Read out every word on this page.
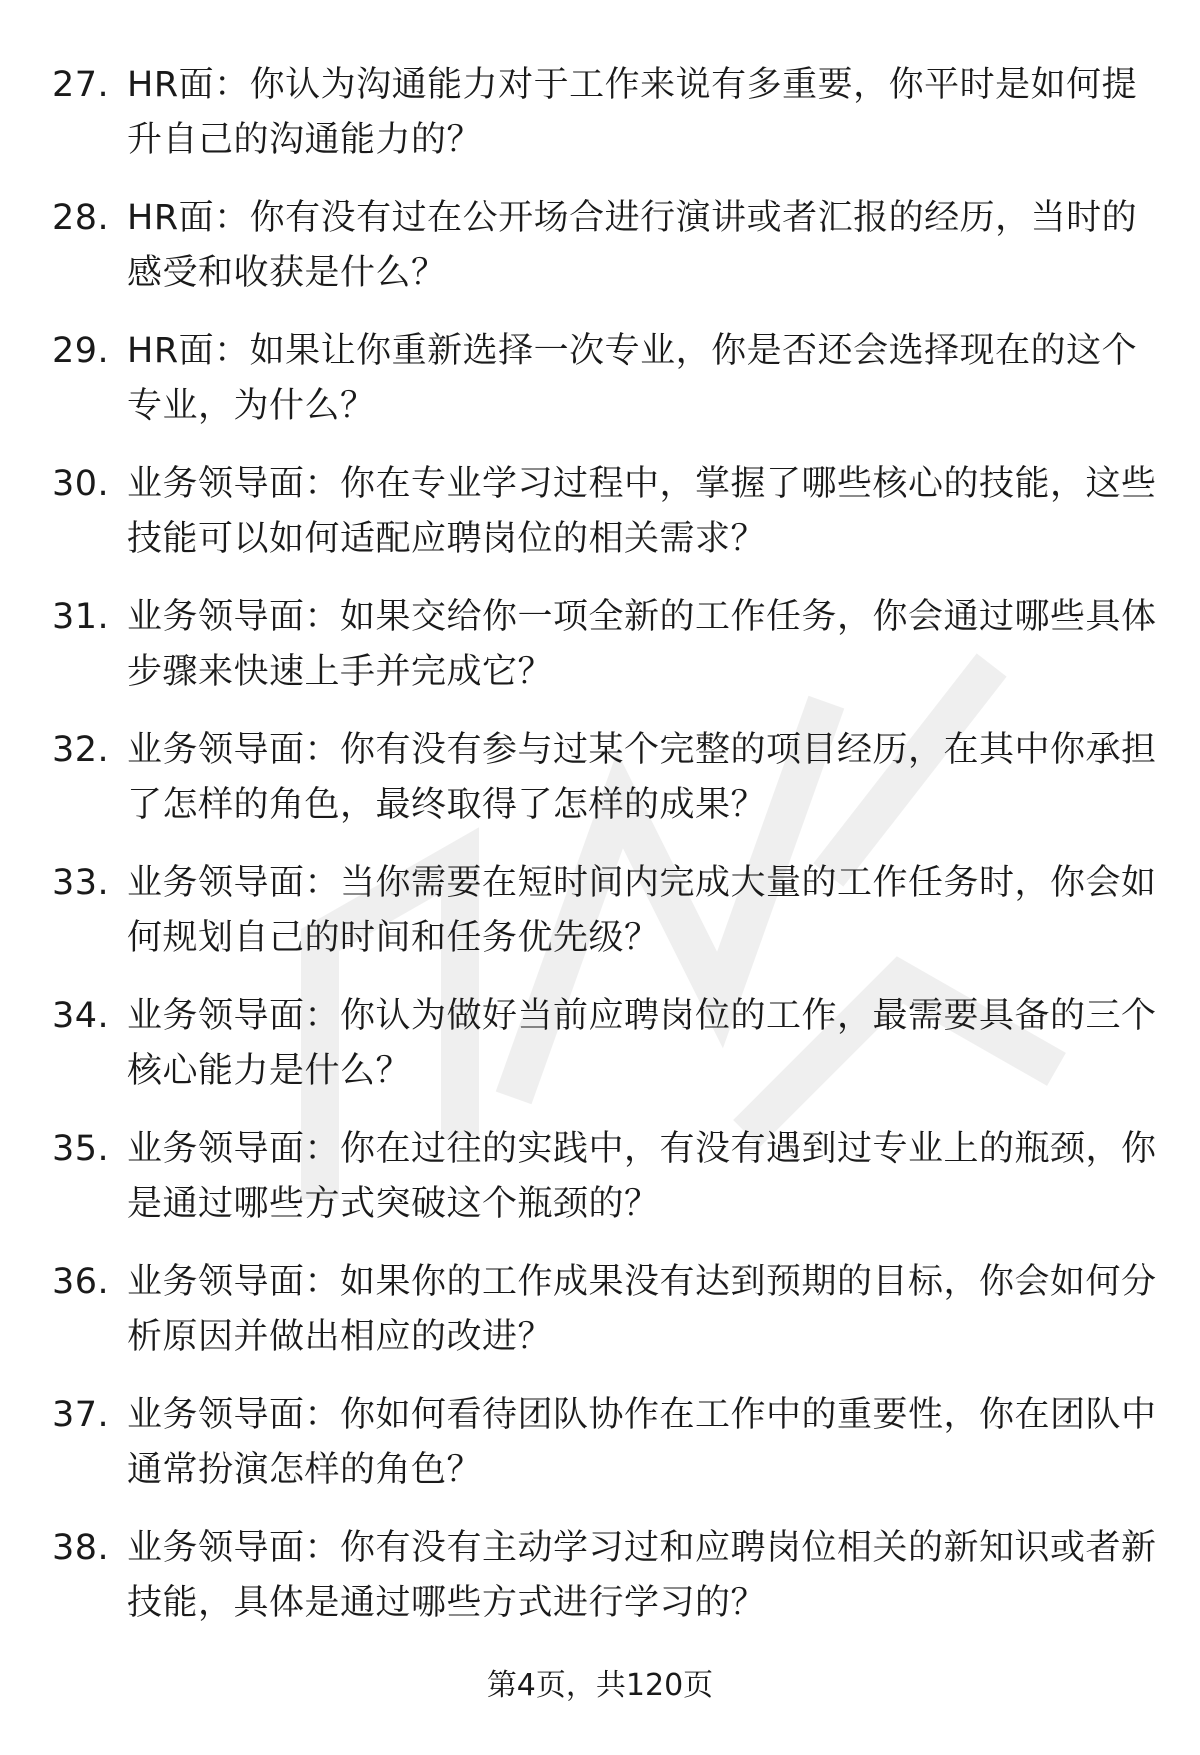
27. HR面：你认为沟通能力对于工作来说有多重要，你平时是如何提升自己的沟通能力的？
28. HR面：你有没有过在公开场合进行演讲或者汇报的经历，当时的感受和收获是什么？
29. HR面：如果让你重新选择一次专业，你是否还会选择现在的这个专业，为什么？
30. 业务领导面：你在专业学习过程中，掌握了哪些核心的技能，这些技能可以如何适配应聘岗位的相关需求？
31. 业务领导面：如果交给你一项全新的工作任务，你会通过哪些具体步骤来快速上手并完成它？
32. 业务领导面：你有没有参与过某个完整的项目经历，在其中你承担了怎样的角色，最终取得了怎样的成果？
33. 业务领导面：当你需要在短时间内完成大量的工作任务时，你会如何规划自己的时间和任务优先级？
34. 业务领导面：你认为做好当前应聘岗位的工作，最需要具备的三个核心能力是什么？
35. 业务领导面：你在过往的实践中，有没有遇到过专业上的瓶颈，你是通过哪些方式突破这个瓶颈的？
36. 业务领导面：如果你的工作成果没有达到预期的目标，你会如何分析原因并做出相应的改进？
37. 业务领导面：你如何看待团队协作在工作中的重要性，你在团队中通常扮演怎样的角色？
38. 业务领导面：你有没有主动学习过和应聘岗位相关的新知识或者新技能，具体是通过哪些方式进行学习的？
第4页，共120页
